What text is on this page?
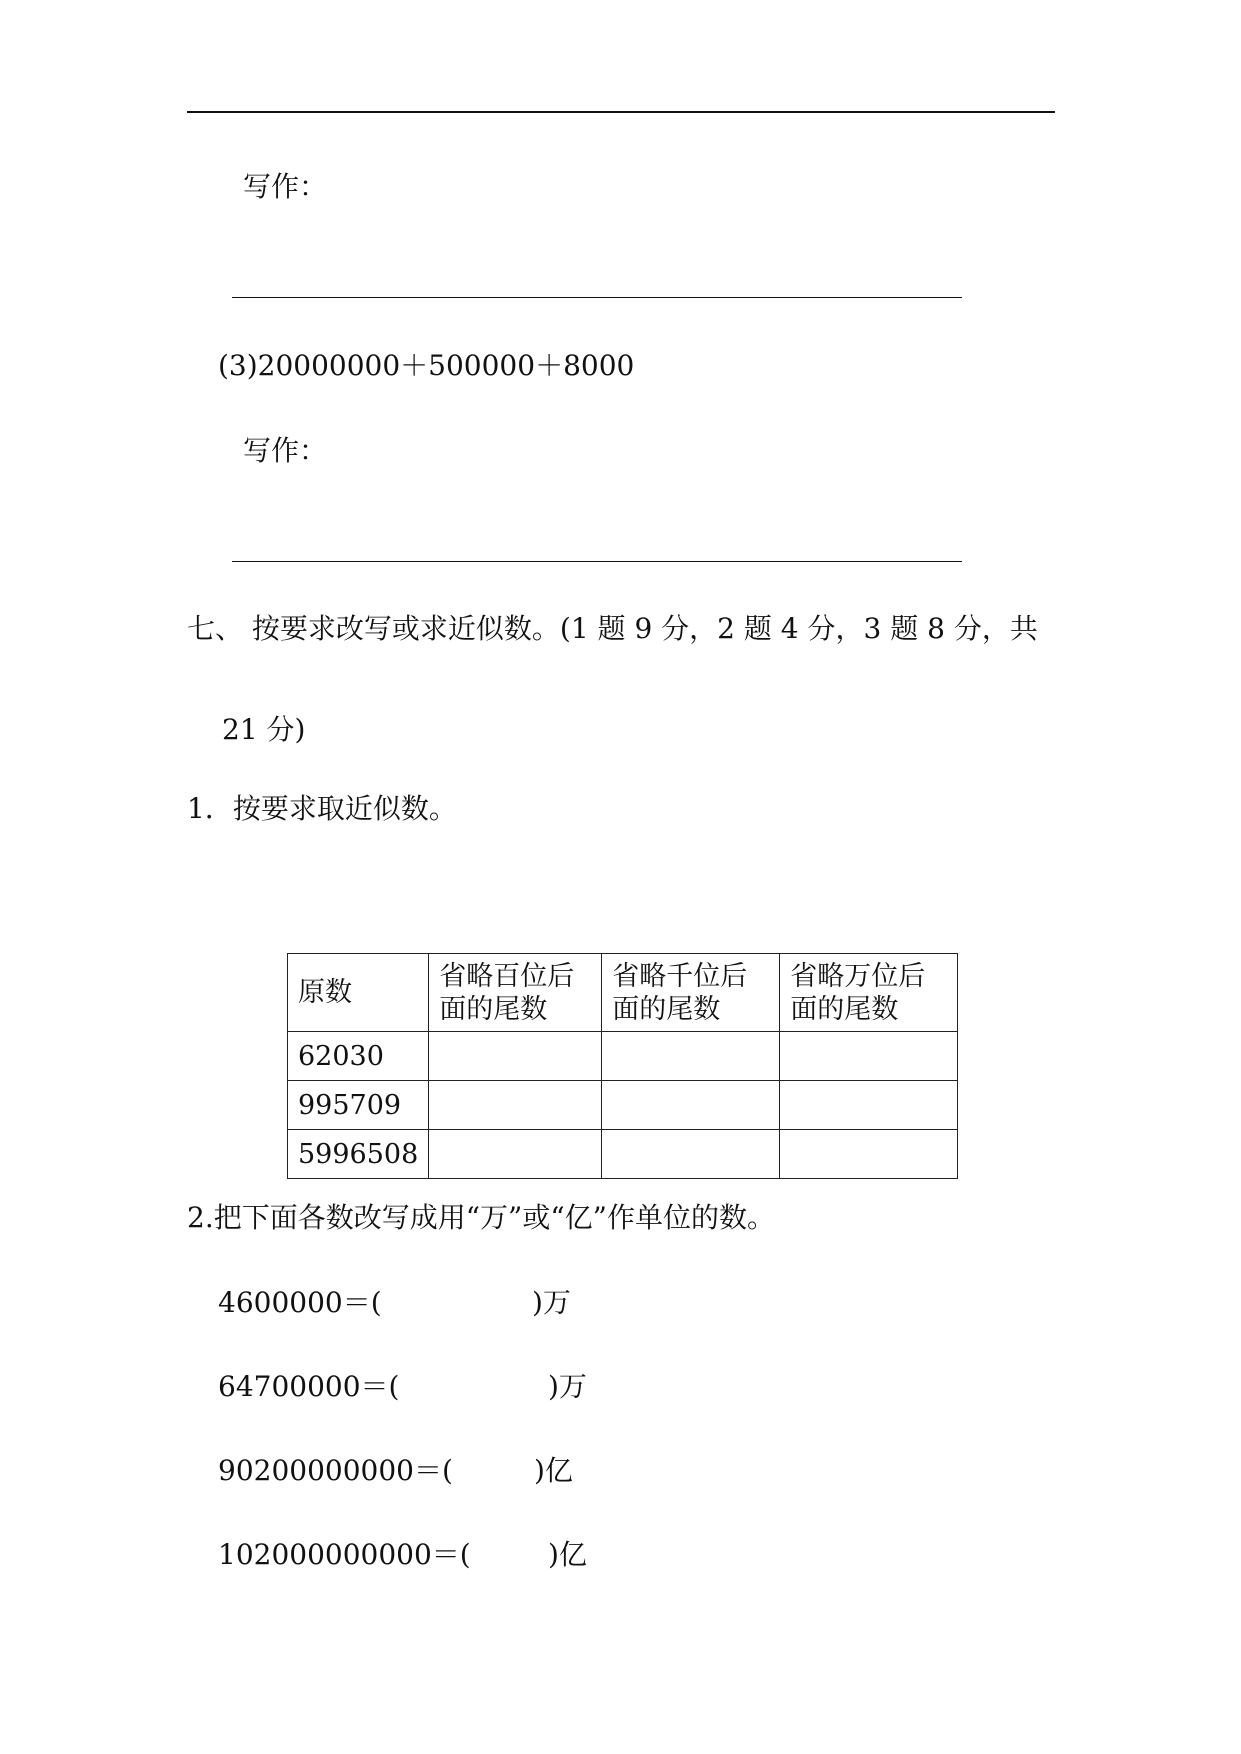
写作：
(3)20000000＋500000＋8000
写作：
七、 按要求改写或求近似数。(1 题 9 分，2 题 4 分，3 题 8 分，共
21 分)
1．按要求取近似数。
原数	省略百位后面的尾数	省略千位后面的尾数	省略万位后面的尾数
62030			
995709			
5996508			
2.把下面各数改写成用“万”或“亿”作单位的数。
4600000＝(	)万
64700000＝(	)万
90200000000＝(	)亿
102000000000＝(	)亿
